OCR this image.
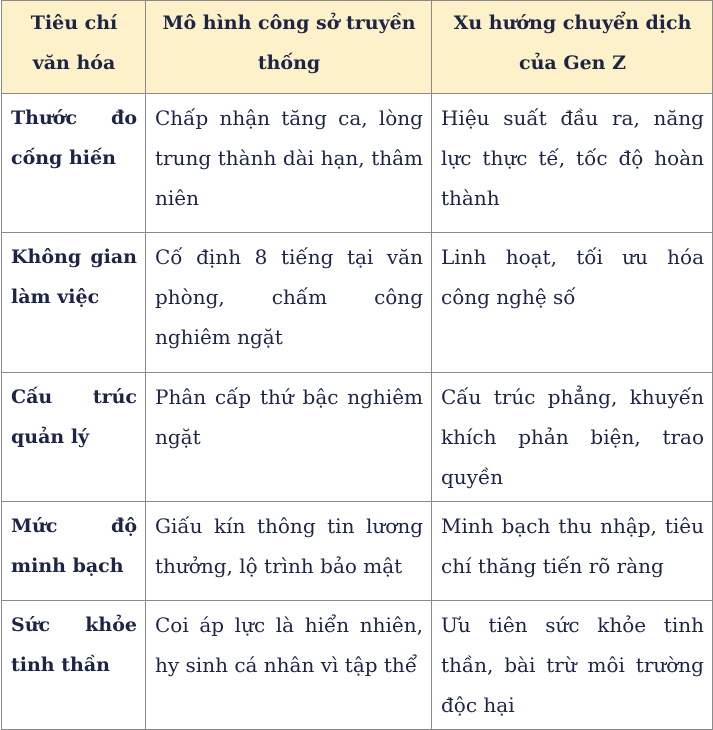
Tiêu chí văn hóa	Mô hình công sở truyền thống	Xu hướng chuyển dịch của Gen Z
Thước đo cống hiến	Chấp nhận tăng ca, lòng trung thành dài hạn, thâm niên	Hiệu suất đầu ra, năng lực thực tế, tốc độ hoàn thành
Không gian làm việc	Cố định 8 tiếng tại văn phòng, chấm công nghiêm ngặt	Linh hoạt, tối ưu hóa công nghệ số
Cấu trúc quản lý	Phân cấp thứ bậc nghiêm ngặt	Cấu trúc phẳng, khuyến khích phản biện, trao quyền
Mức độ minh bạch	Giấu kín thông tin lương thưởng, lộ trình bảo mật	Minh bạch thu nhập, tiêu chí thăng tiến rõ ràng
Sức khỏe tinh thần	Coi áp lực là hiển nhiên, hy sinh cá nhân vì tập thể	Ưu tiên sức khỏe tinh thần, bài trừ môi trường độc hại
